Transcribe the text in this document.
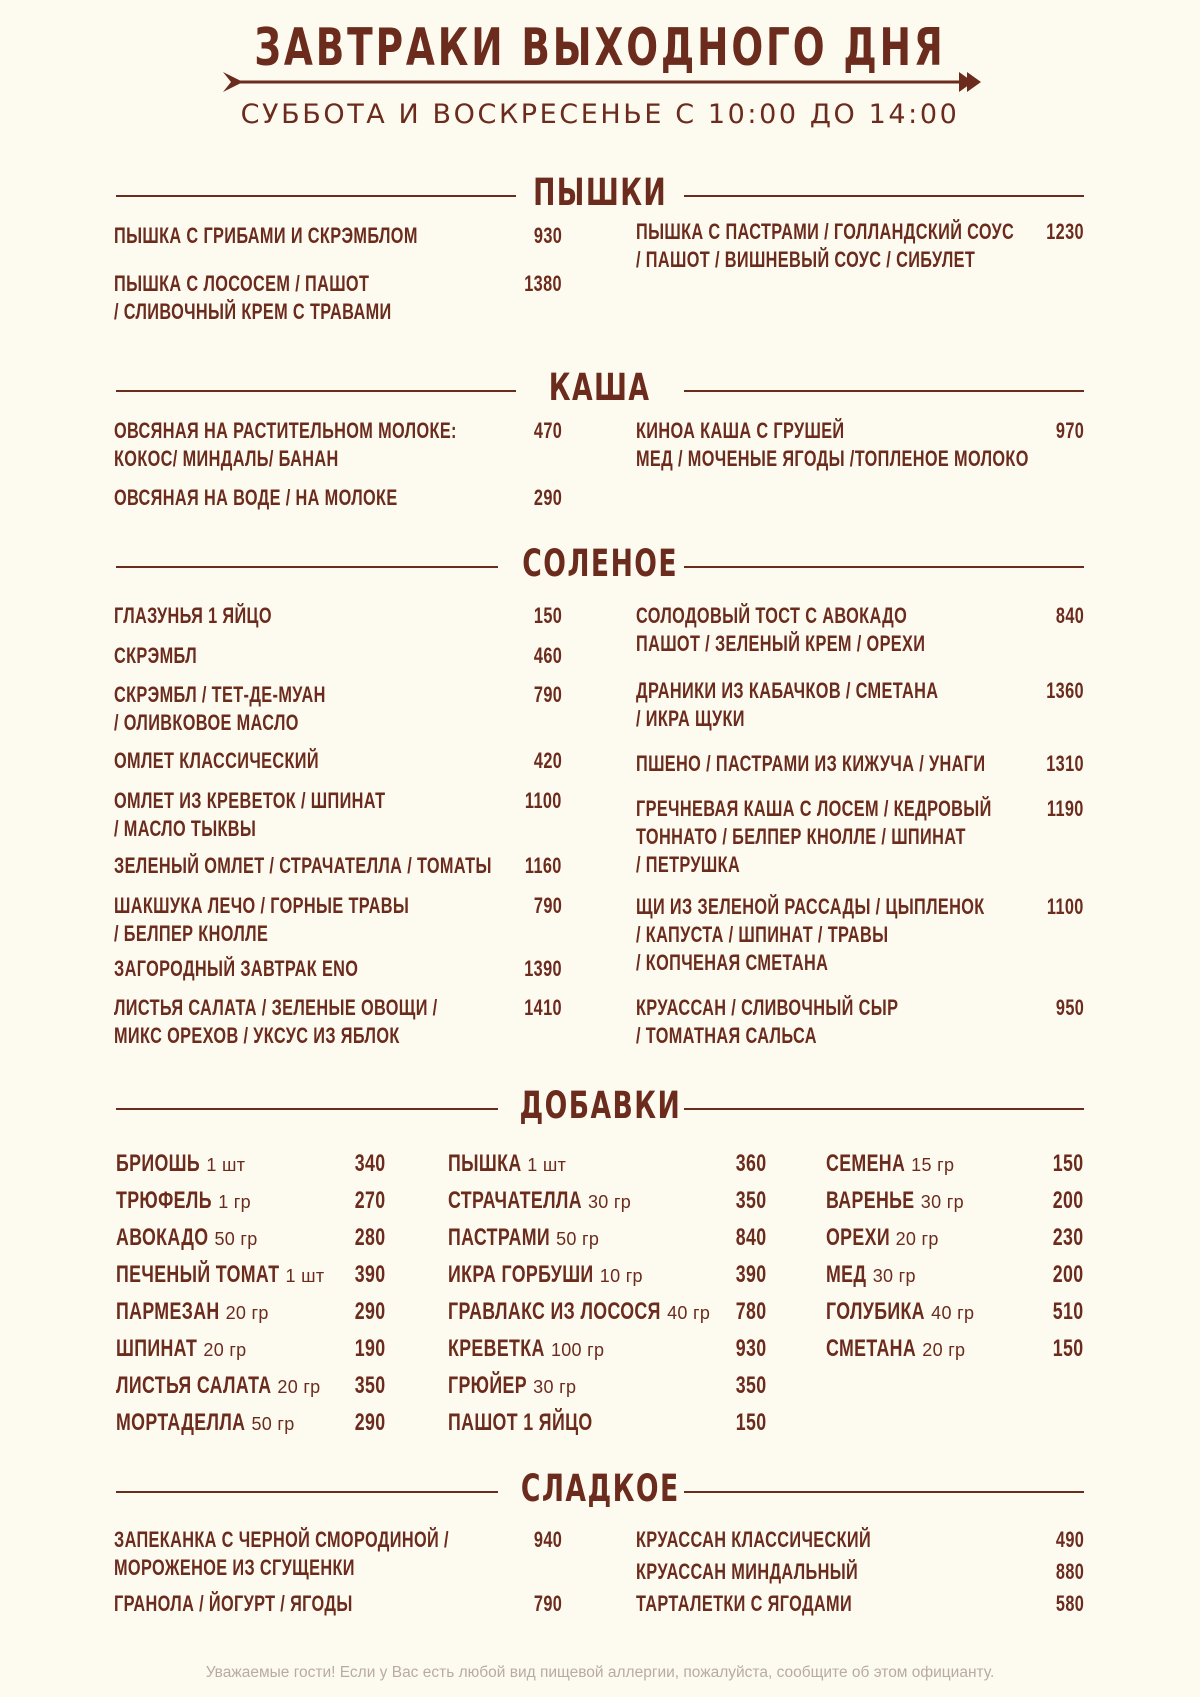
ЗАВТРАКИ ВЫХОДНОГО ДНЯ
СУББОТА И ВОСКРЕСЕНЬЕ С 10:00 ДО 14:00
ПЫШКИ
КАША
СОЛЕНОЕ
ДОБАВКИ
СЛАДКОЕ
ПЫШКА С ГРИБАМИ И СКРЭМБЛОМ	930
ПЫШКА С ЛОСОСЕМ / ПАШОТ
/ СЛИВОЧНЫЙ КРЕМ С ТРАВАМИ
1380
ПЫШКА С ПАСТРАМИ / ГОЛЛАНДСКИЙ СОУС
/ ПАШОТ / ВИШНЕВЫЙ СОУС / СИБУЛЕТ
1230
ОВСЯНАЯ НА РАСТИТЕЛЬНОМ МОЛОКЕ:
КОКОС/ МИНДАЛЬ/ БАНАН
470
ОВСЯНАЯ НА ВОДЕ / НА МОЛОКЕ	290
КИНОА КАША С ГРУШЕЙ
МЕД / МОЧЕНЫЕ ЯГОДЫ /ТОПЛЕНОЕ МОЛОКО
970
ГЛАЗУНЬЯ 1 ЯЙЦО	150
СКРЭМБЛ	460
СКРЭМБЛ / ТЕТ-ДЕ-МУАН
/ ОЛИВКОВОЕ МАСЛО
790
ОМЛЕТ КЛАССИЧЕСКИЙ	420
ОМЛЕТ ИЗ КРЕВЕТОК / ШПИНАТ
/ МАСЛО ТЫКВЫ
1100
ЗЕЛЕНЫЙ ОМЛЕТ / СТРАЧАТЕЛЛА / ТОМАТЫ	1160
ШАКШУКА ЛЕЧО / ГОРНЫЕ ТРАВЫ
/ БЕЛПЕР КНОЛЛЕ
790
ЗАГОРОДНЫЙ ЗАВТРАК ENO	1390
ЛИСТЬЯ САЛАТА / ЗЕЛЕНЫЕ ОВОЩИ /
МИКС ОРЕХОВ / УКСУС ИЗ ЯБЛОК
1410
СОЛОДОВЫЙ ТОСТ С АВОКАДО
ПАШОТ / ЗЕЛЕНЫЙ КРЕМ / ОРЕХИ
840
ДРАНИКИ ИЗ КАБАЧКОВ / СМЕТАНА
/ ИКРА ЩУКИ
1360
ПШЕНО / ПАСТРАМИ ИЗ КИЖУЧА / УНАГИ	1310
ГРЕЧНЕВАЯ КАША С ЛОСЕМ / КЕДРОВЫЙ
ТОННАТО / БЕЛПЕР КНОЛЛЕ / ШПИНАТ
/ ПЕТРУШКА
1190
ЩИ ИЗ ЗЕЛЕНОЙ РАССАДЫ / ЦЫПЛЕНОК
/ КАПУСТА / ШПИНАТ / ТРАВЫ
/ КОПЧЕНАЯ СМЕТАНА
1100
КРУАССАН / СЛИВОЧНЫЙ СЫР
/ ТОМАТНАЯ САЛЬСА
950
БРИОШЬ 1 шт	340
ТРЮФЕЛЬ 1 гр	270
АВОКАДО 50 гр	280
ПЕЧЕНЫЙ ТОМАТ 1 шт	390
ПАРМЕЗАН 20 гр	290
ШПИНАТ 20 гр	190
ЛИСТЬЯ САЛАТА 20 гр	350
МОРТАДЕЛЛА 50 гр	290
ПЫШКА 1 шт	360
СТРАЧАТЕЛЛА 30 гр	350
ПАСТРАМИ 50 гр	840
ИКРА ГОРБУШИ 10 гр	390
ГРАВЛАКС ИЗ ЛОСОСЯ 40 гр	780
КРЕВЕТКА 100 гр	930
ГРЮЙЕР 30 гр	350
ПАШОТ 1 ЯЙЦО	150
СЕМЕНА 15 гр	150
ВАРЕНЬЕ 30 гр	200
ОРЕХИ 20 гр	230
МЕД 30 гр	200
ГОЛУБИКА 40 гр	510
СМЕТАНА 20 гр	150
ЗАПЕКАНКА С ЧЕРНОЙ СМОРОДИНОЙ /
МОРОЖЕНОЕ ИЗ СГУЩЕНКИ
940
ГРАНОЛА / ЙОГУРТ / ЯГОДЫ	790
КРУАССАН КЛАССИЧЕСКИЙ	490
КРУАССАН МИНДАЛЬНЫЙ	880
ТАРТАЛЕТКИ С ЯГОДАМИ	580
Уважаемые гости! Если у Вас есть любой вид пищевой аллергии, пожалуйста, сообщите об этом официанту.
